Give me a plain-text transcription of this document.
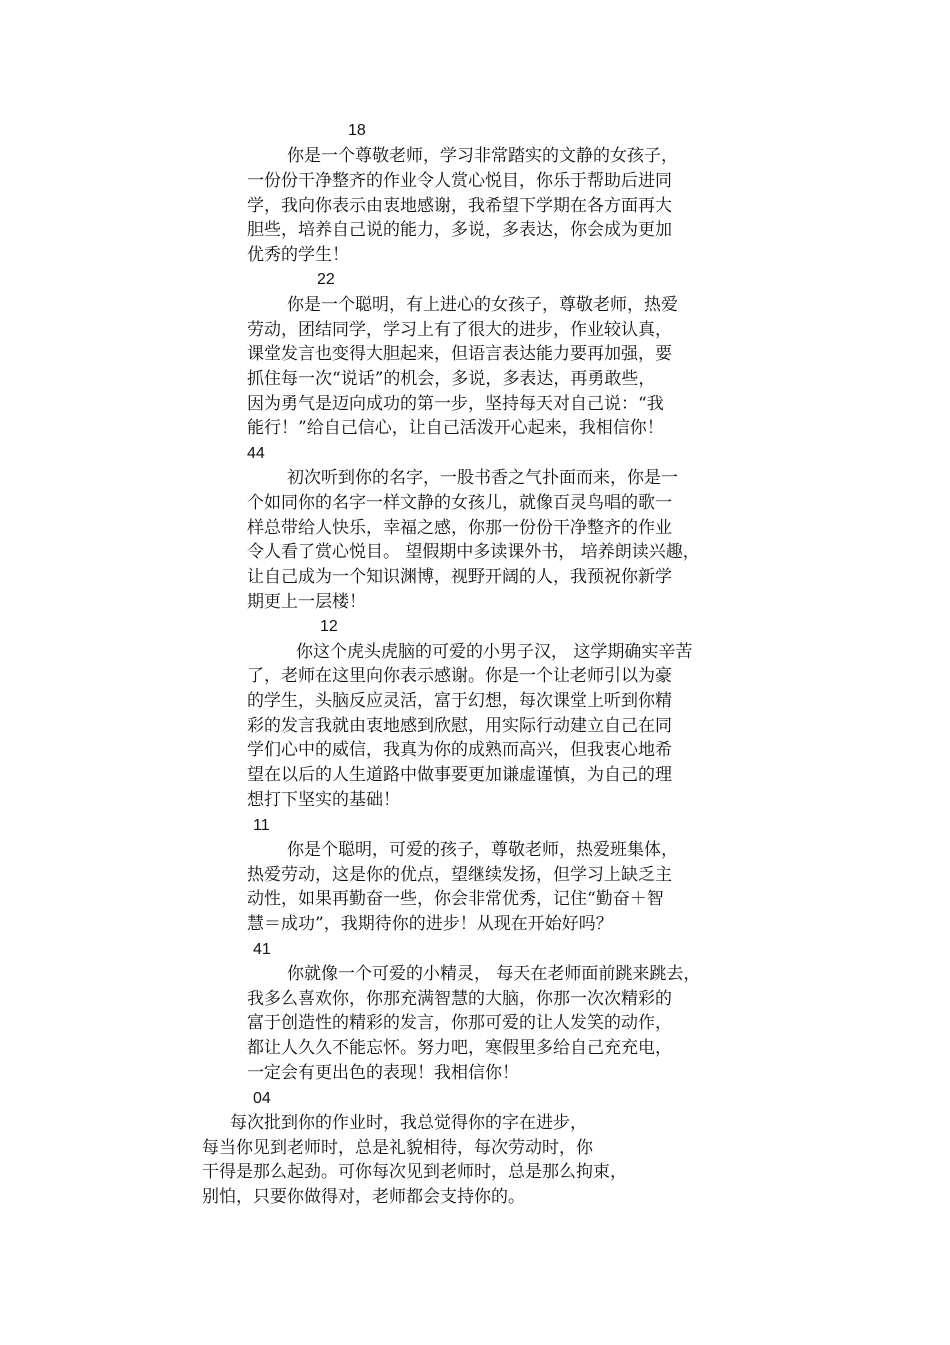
18
你是一个尊敬老师，学习非常踏实的文静的女孩子，
一份份干净整齐的作业令人赏心悦目，你乐于帮助后进同
学，我向你表示由衷地感谢，我希望下学期在各方面再大
胆些，培养自己说的能力，多说，多表达，你会成为更加
优秀的学生！
22
你是一个聪明，有上进心的女孩子，尊敬老师，热爱
劳动，团结同学，学习上有了很大的进步，作业较认真，
课堂发言也变得大胆起来，但语言表达能力要再加强，要
抓住每一次“说话”的机会，多说，多表达，再勇敢些，
因为勇气是迈向成功的第一步，坚持每天对自己说：“我
能行！”给自己信心，让自己活泼开心起来，我相信你！
44
初次听到你的名字，一股书香之气扑面而来，你是一
个如同你的名字一样文静的女孩儿，就像百灵鸟唱的歌一
样总带给人快乐，幸福之感，你那一份份干净整齐的作业
令人看了赏心悦目。 望假期中多读课外书， 培养朗读兴趣，
让自己成为一个知识渊博，视野开阔的人，我预祝你新学
期更上一层楼！
12
你这个虎头虎脑的可爱的小男子汉， 这学期确实辛苦
了，老师在这里向你表示感谢。你是一个让老师引以为豪
的学生，头脑反应灵活，富于幻想，每次课堂上听到你精
彩的发言我就由衷地感到欣慰，用实际行动建立自己在同
学们心中的威信，我真为你的成熟而高兴，但我衷心地希
望在以后的人生道路中做事要更加谦虚谨慎，为自己的理
想打下坚实的基础！
11
你是个聪明，可爱的孩子，尊敬老师，热爱班集体，
热爱劳动，这是你的优点，望继续发扬，但学习上缺乏主
动性，如果再勤奋一些，你会非常优秀，记住“勤奋＋智
慧＝成功”，我期待你的进步！从现在开始好吗？
41
你就像一个可爱的小精灵， 每天在老师面前跳来跳去，
我多么喜欢你，你那充满智慧的大脑，你那一次次精彩的
富于创造性的精彩的发言，你那可爱的让人发笑的动作，
都让人久久不能忘怀。努力吧，寒假里多给自己充充电，
一定会有更出色的表现！我相信你！
04
每次批到你的作业时，我总觉得你的字在进步，
每当你见到老师时，总是礼貌相待，每次劳动时，你
干得是那么起劲。可你每次见到老师时，总是那么拘束，
别怕，只要你做得对，老师都会支持你的。
